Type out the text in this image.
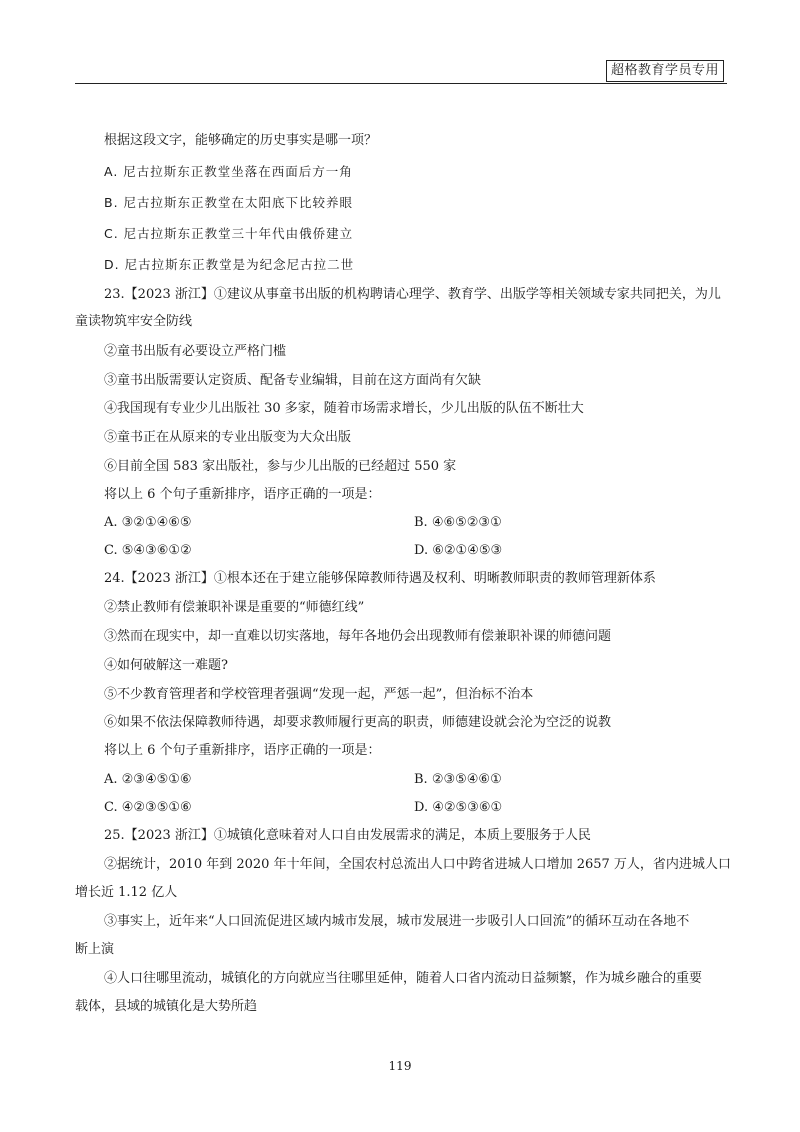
超格教育学员专用
根据这段文字，能够确定的历史事实是哪一项？
A. 尼古拉斯东正教堂坐落在西面后方一角
B. 尼古拉斯东正教堂在太阳底下比较养眼
C. 尼古拉斯东正教堂三十年代由俄侨建立
D. 尼古拉斯东正教堂是为纪念尼古拉二世
23.【2023 浙江】①建议从事童书出版的机构聘请心理学、教育学、出版学等相关领域专家共同把关，为儿
童读物筑牢安全防线
②童书出版有必要设立严格门槛
③童书出版需要认定资质、配备专业编辑，目前在这方面尚有欠缺
④我国现有专业少儿出版社 30 多家，随着市场需求增长，少儿出版的队伍不断壮大
⑤童书正在从原来的专业出版变为大众出版
⑥目前全国 583 家出版社，参与少儿出版的已经超过 550 家
将以上 6 个句子重新排序，语序正确的一项是：
A. ③②①④⑥⑤	B. ④⑥⑤②③①
C. ⑤④③⑥①②	D. ⑥②①④⑤③
24.【2023 浙江】①根本还在于建立能够保障教师待遇及权利、明晰教师职责的教师管理新体系
②禁止教师有偿兼职补课是重要的“师德红线”
③然而在现实中，却一直难以切实落地，每年各地仍会出现教师有偿兼职补课的师德问题
④如何破解这一难题?
⑤不少教育管理者和学校管理者强调“发现一起，严惩一起”，但治标不治本
⑥如果不依法保障教师待遇，却要求教师履行更高的职责，师德建设就会沦为空泛的说教
将以上 6 个句子重新排序，语序正确的一项是：
A. ②③④⑤①⑥	B. ②③⑤④⑥①
C. ④②③⑤①⑥	D. ④②⑤③⑥①
25.【2023 浙江】①城镇化意味着对人口自由发展需求的满足，本质上要服务于人民
②据统计，2010 年到 2020 年十年间，全国农村总流出人口中跨省进城人口增加 2657 万人，省内进城人口
增长近 1.12 亿人
③事实上，近年来“人口回流促进区域内城市发展，城市发展进一步吸引人口回流”的循环互动在各地不
断上演
④人口往哪里流动，城镇化的方向就应当往哪里延伸，随着人口省内流动日益频繁，作为城乡融合的重要
载体，县域的城镇化是大势所趋
119
